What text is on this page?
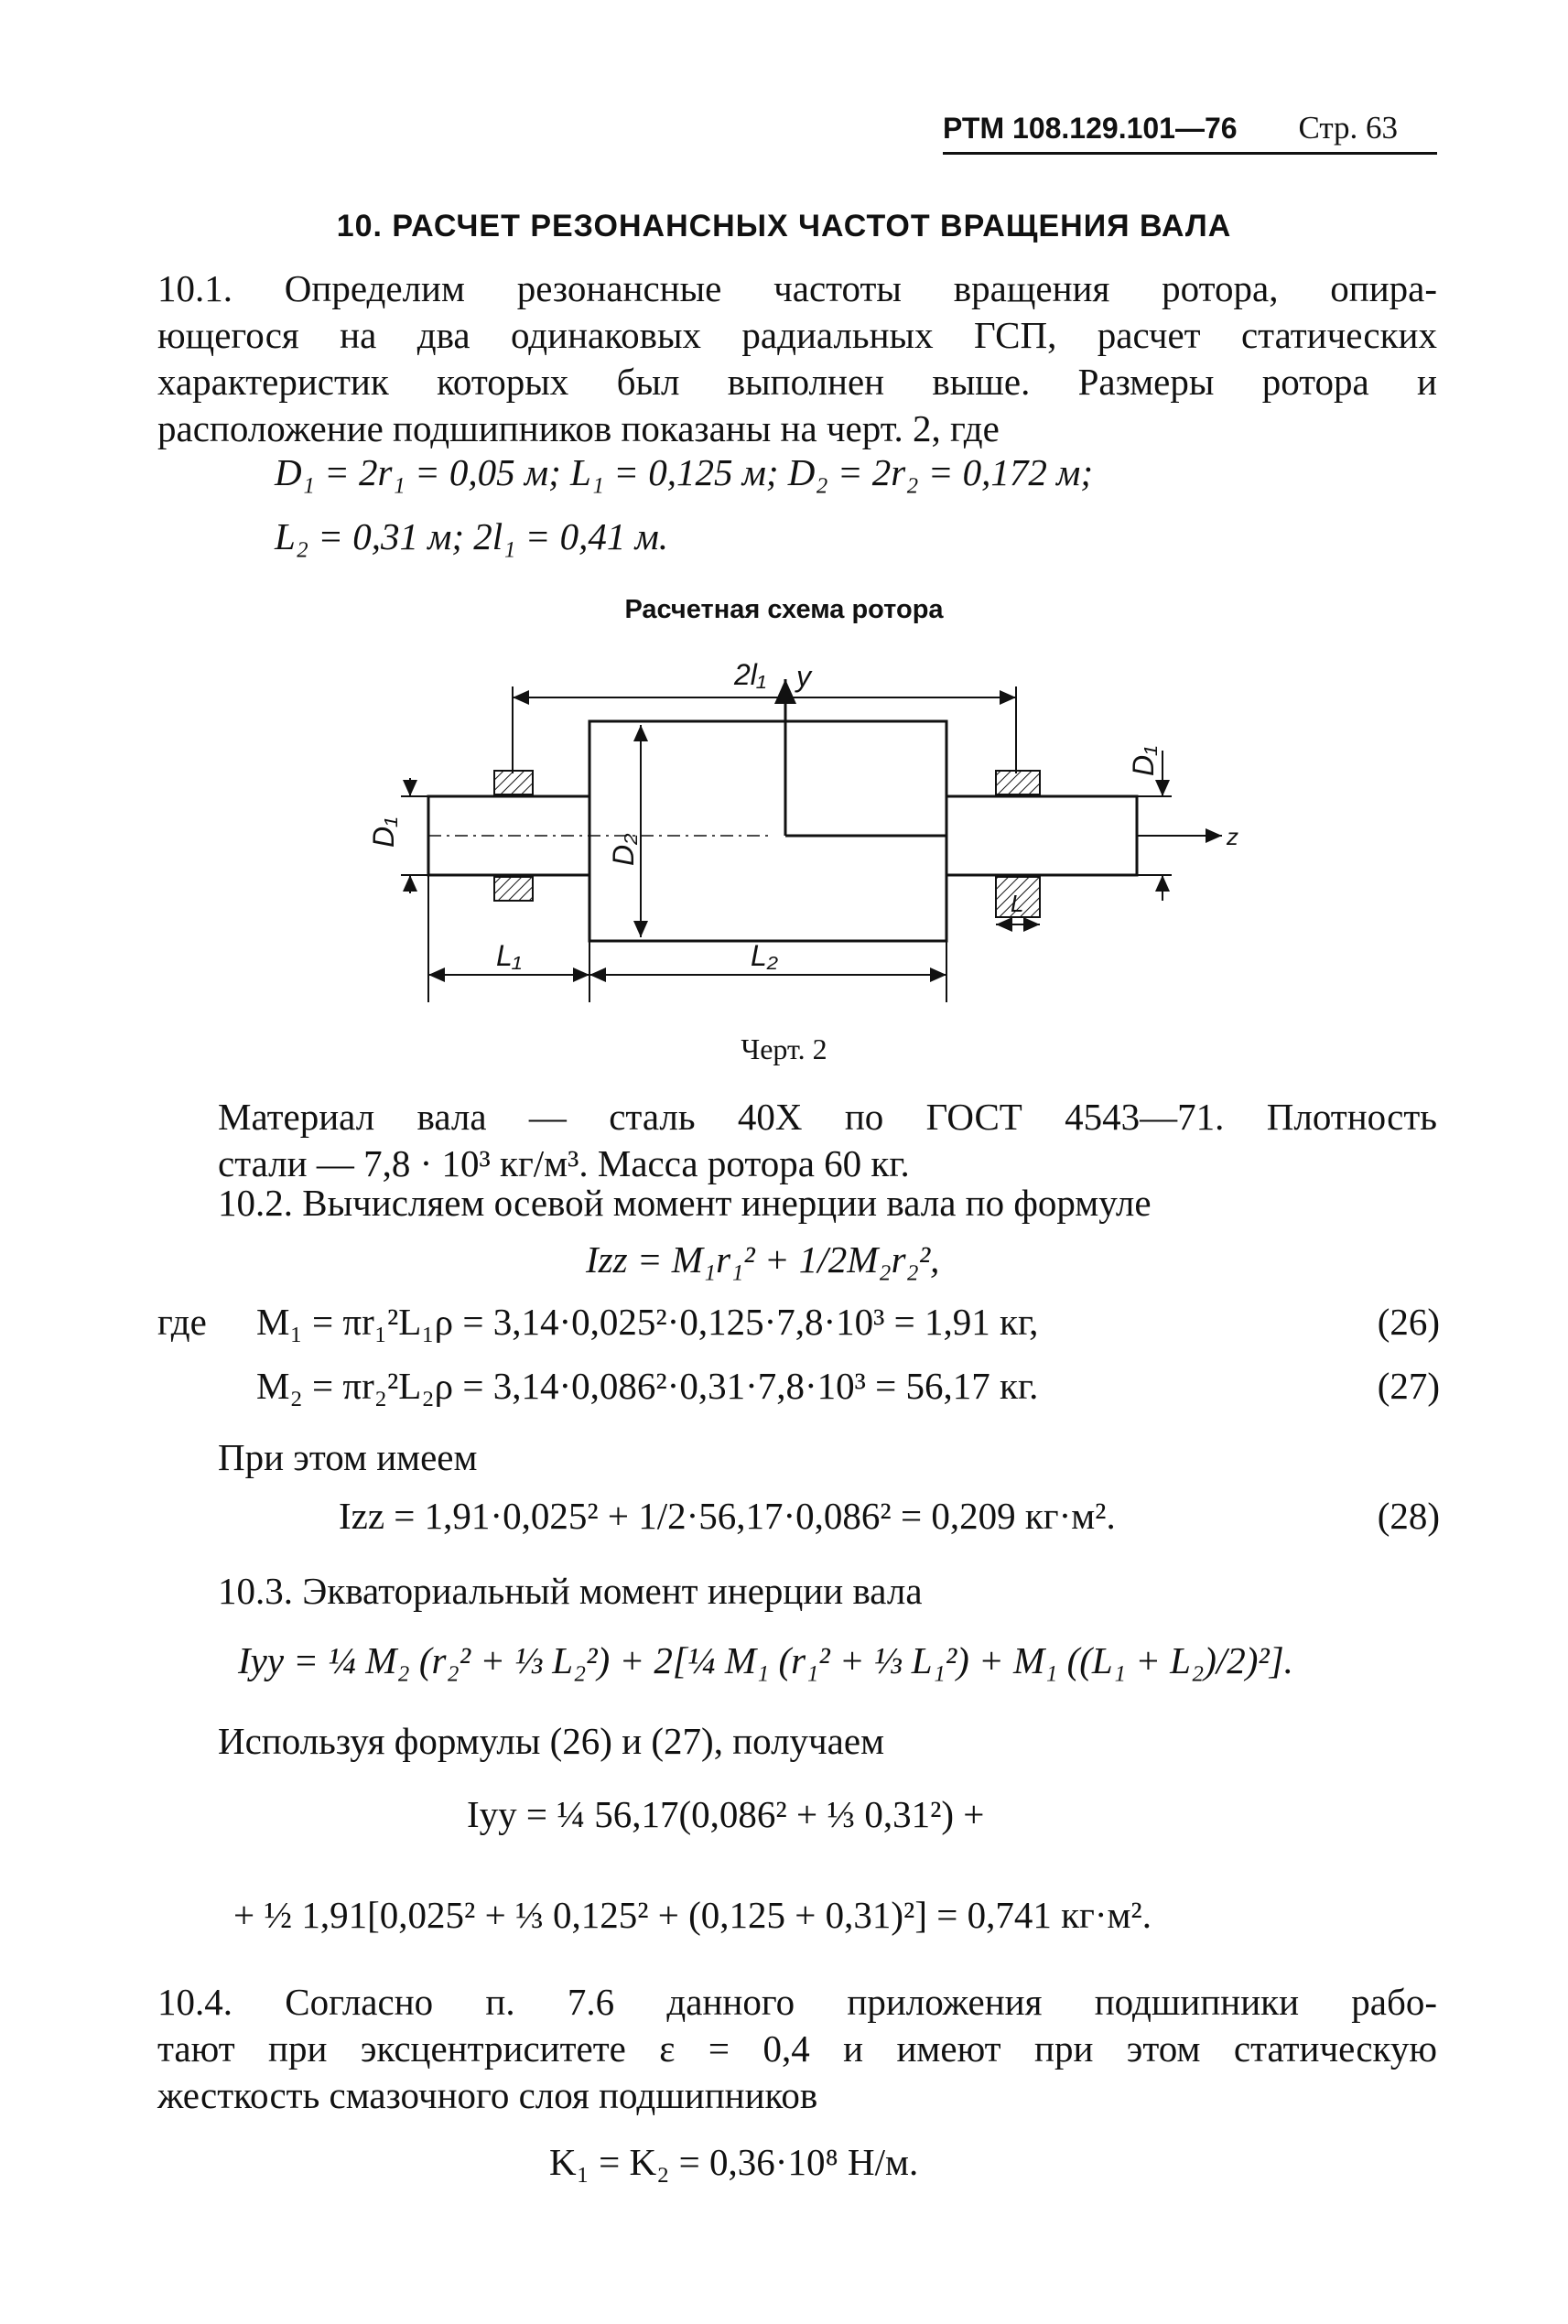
РТМ 108.129.101—76 Стр. 63
10. РАСЧЕТ РЕЗОНАНСНЫХ ЧАСТОТ ВРАЩЕНИЯ ВАЛА
10.1. Определим резонансные частоты вращения ротора, опира-
ющегося на два одинаковых радиальных ГСП, расчет статических
характеристик которых был выполнен выше. Размеры ротора и
расположение подшипников показаны на черт. 2, где
D₁ = 2r₁ = 0,05 м; L₁ = 0,125 м; D₂ = 2r₂ = 0,172 м;
L₂ = 0,31 м; 2l₁ = 0,41 м.
Расчетная схема ротора
2l₁ y
z
L₁	L₂
L
D₁
D₁
D₂
Черт. 2
Материал вала — сталь 40Х по ГОСТ 4543—71. Плотность
стали — 7,8 · 10³ кг/м³. Масса ротора 60 кг.
10.2. Вычисляем осевой момент инерции вала по формуле
Izz = M₁r₁² + 1/2M₂r₂²,
где M₁ = πr₁²L₁ρ = 3,14·0,025²·0,125·7,8·10³ = 1,91 кг,	(26)
M₂ = πr₂²L₂ρ = 3,14·0,086²·0,31·7,8·10³ = 56,17 кг.	(27)
При этом имеем
Izz = 1,91·0,025² + 1/2·56,17·0,086² = 0,209 кг·м².	(28)
10.3. Экваториальный момент инерции вала
Iyy = ¼ M₂ (r₂² + ⅓ L₂²) + 2[¼ M₁ (r₁² + ⅓ L₁²) + M₁ ((L₁ + L₂)/2)²].
Используя формулы (26) и (27), получаем
Iyy = ¼ 56,17(0,086² + ⅓ 0,31²) +
+ ½ 1,91[0,025² + ⅓ 0,125² + (0,125 + 0,31)²] = 0,741 кг·м².
10.4. Согласно п. 7.6 данного приложения подшипники рабо-
тают при эксцентриситете ε = 0,4 и имеют при этом статическую
жесткость смазочного слоя подшипников
K₁ = K₂ = 0,36·10⁸ Н/м.
